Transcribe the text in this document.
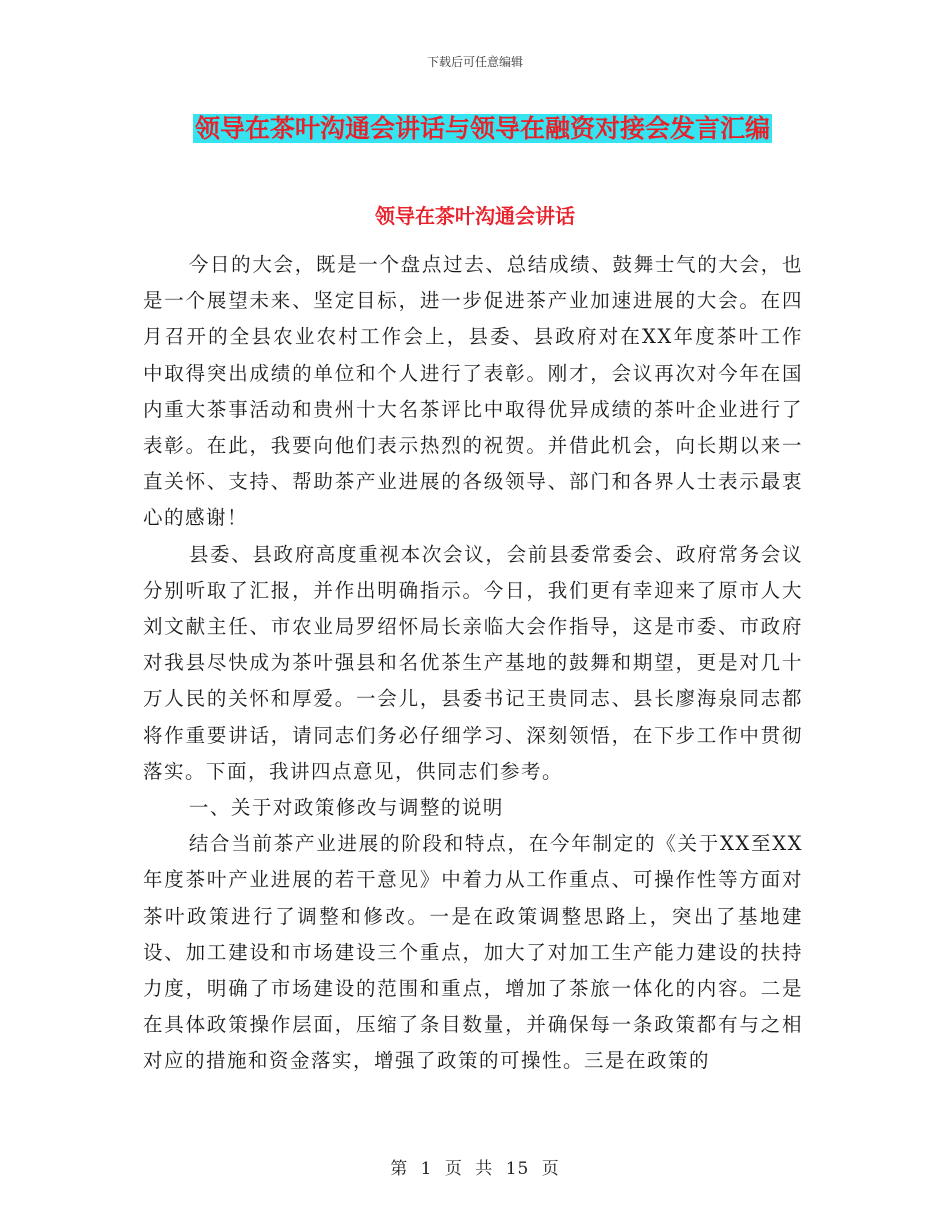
下载后可任意编辑
领导在茶叶沟通会讲话与领导在融资对接会发言汇编
领导在茶叶沟通会讲话

今日的大会，既是一个盘点过去、总结成绩、鼓舞士气的大会，也是一个展望未来、坚定目标，进一步促进茶产业加速进展的大会。在四月召开的全县农业农村工作会上，县委、县政府对在XX年度茶叶工作中取得突出成绩的单位和个人进行了表彰。刚才，会议再次对今年在国内重大茶事活动和贵州十大名茶评比中取得优异成绩的茶叶企业进行了表彰。在此，我要向他们表示热烈的祝贺。并借此机会，向长期以来一直关怀、支持、帮助茶产业进展的各级领导、部门和各界人士表示最衷心的感谢！

县委、县政府高度重视本次会议，会前县委常委会、政府常务会议分别听取了汇报，并作出明确指示。今日，我们更有幸迎来了原市人大刘文献主任、市农业局罗绍怀局长亲临大会作指导，这是市委、市政府对我县尽快成为茶叶强县和名优茶生产基地的鼓舞和期望，更是对几十万人民的关怀和厚爱。一会儿，县委书记王贵同志、县长廖海泉同志都将作重要讲话，请同志们务必仔细学习、深刻领悟，在下步工作中贯彻落实。下面，我讲四点意见，供同志们参考。

一、关于对政策修改与调整的说明

结合当前茶产业进展的阶段和特点，在今年制定的《关于XX至XX年度茶叶产业进展的若干意见》中着力从工作重点、可操作性等方面对茶叶政策进行了调整和修改。一是在政策调整思路上，突出了基地建设、加工建设和市场建设三个重点，加大了对加工生产能力建设的扶持力度，明确了市场建设的范围和重点，增加了茶旅一体化的内容。二是在具体政策操作层面，压缩了条目数量，并确保每一条政策都有与之相对应的措施和资金落实，增强了政策的可操性。三是在政策的

第 1 页 共 15 页
